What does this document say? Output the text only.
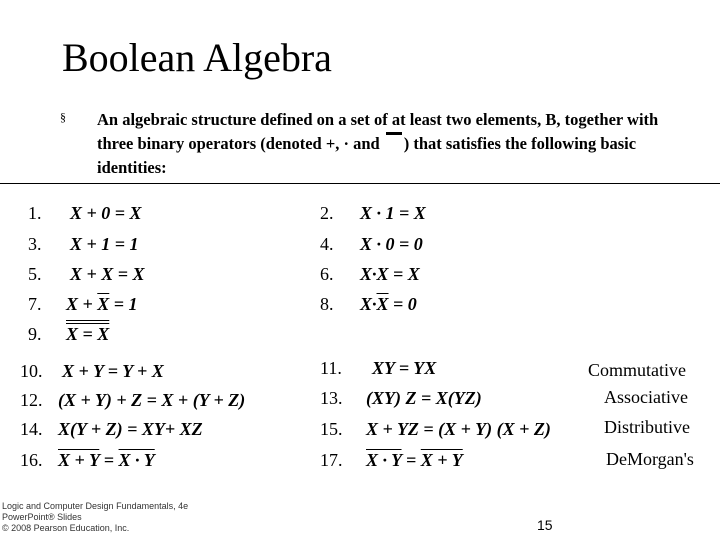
Boolean Algebra
§ An algebraic structure defined on a set of at least two elements, B, together with three binary operators (denoted +, · and ) that satisfies the following basic identities:
1.
3.
5.
7.
9.
10.
12.
14.
16.
X + 0 = X
X + 1 = 1
X + X = X
$X + \overline{X} = 1$
X = X
X + Y = Y + X
(X + Y) + Z = X + (Y + Z)
X(Y + Z) = XY+ XZ
X + Y = X · Y
2.
4.
6.
8.
11.
13.
15.
17.
X · 1 = X
X · 0 = 0
X·X = X
$X\cdot\overline{X} = 0$
XY = YX
(XY) Z = X(YZ)
X + YZ = (X + Y) (X + Z)
X · Y = X + Y
Commutative
Associative
Distributive
DeMorgan's
Logic and Computer Design Fundamentals, 4e
PowerPoint® Slides
© 2008 Pearson Education, Inc.	15
